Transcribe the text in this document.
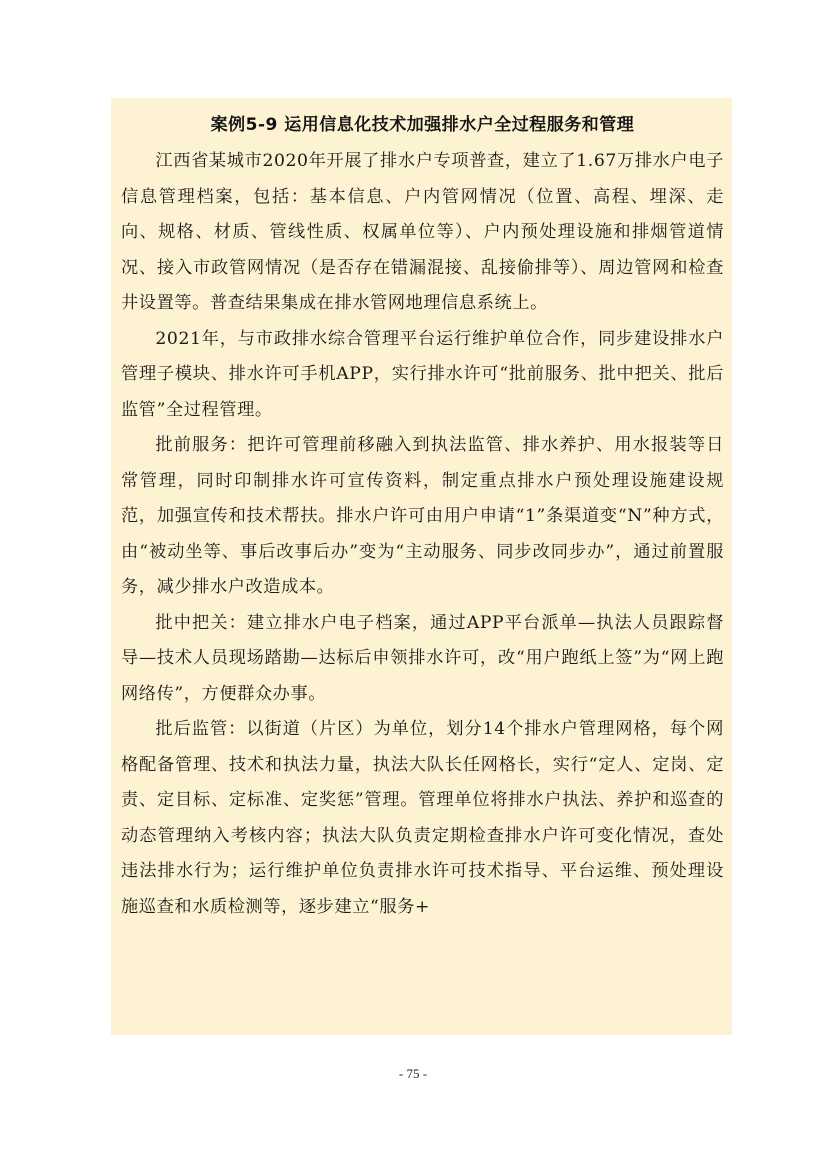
案例5-9 运用信息化技术加强排水户全过程服务和管理

江西省某城市2020年开展了排水户专项普查，建立了1.67万排水户电子信息管理档案，包括：基本信息、户内管网情况（位置、高程、埋深、走向、规格、材质、管线性质、权属单位等）、户内预处理设施和排烟管道情况、接入市政管网情况（是否存在错漏混接、乱接偷排等）、周边管网和检查井设置等。普查结果集成在排水管网地理信息系统上。

2021年，与市政排水综合管理平台运行维护单位合作，同步建设排水户管理子模块、排水许可手机APP，实行排水许可“批前服务、批中把关、批后监管”全过程管理。

批前服务：把许可管理前移融入到执法监管、排水养护、用水报装等日常管理，同时印制排水许可宣传资料，制定重点排水户预处理设施建设规范，加强宣传和技术帮扶。排水户许可由用户申请“1”条渠道变“N”种方式，由“被动坐等、事后改事后办”变为“主动服务、同步改同步办”，通过前置服务，减少排水户改造成本。

批中把关：建立排水户电子档案，通过APP平台派单—执法人员跟踪督导—技术人员现场踏勘—达标后申领排水许可，改“用户跑纸上签”为“网上跑网络传”，方便群众办事。

批后监管：以街道（片区）为单位，划分14个排水户管理网格，每个网格配备管理、技术和执法力量，执法大队长任网格长，实行“定人、定岗、定责、定目标、定标准、定奖惩”管理。管理单位将排水户执法、养护和巡查的动态管理纳入考核内容；执法大队负责定期检查排水户许可变化情况，查处违法排水行为；运行维护单位负责排水许可技术指导、平台运维、预处理设施巡查和水质检测等，逐步建立“服务+

- 75 -
